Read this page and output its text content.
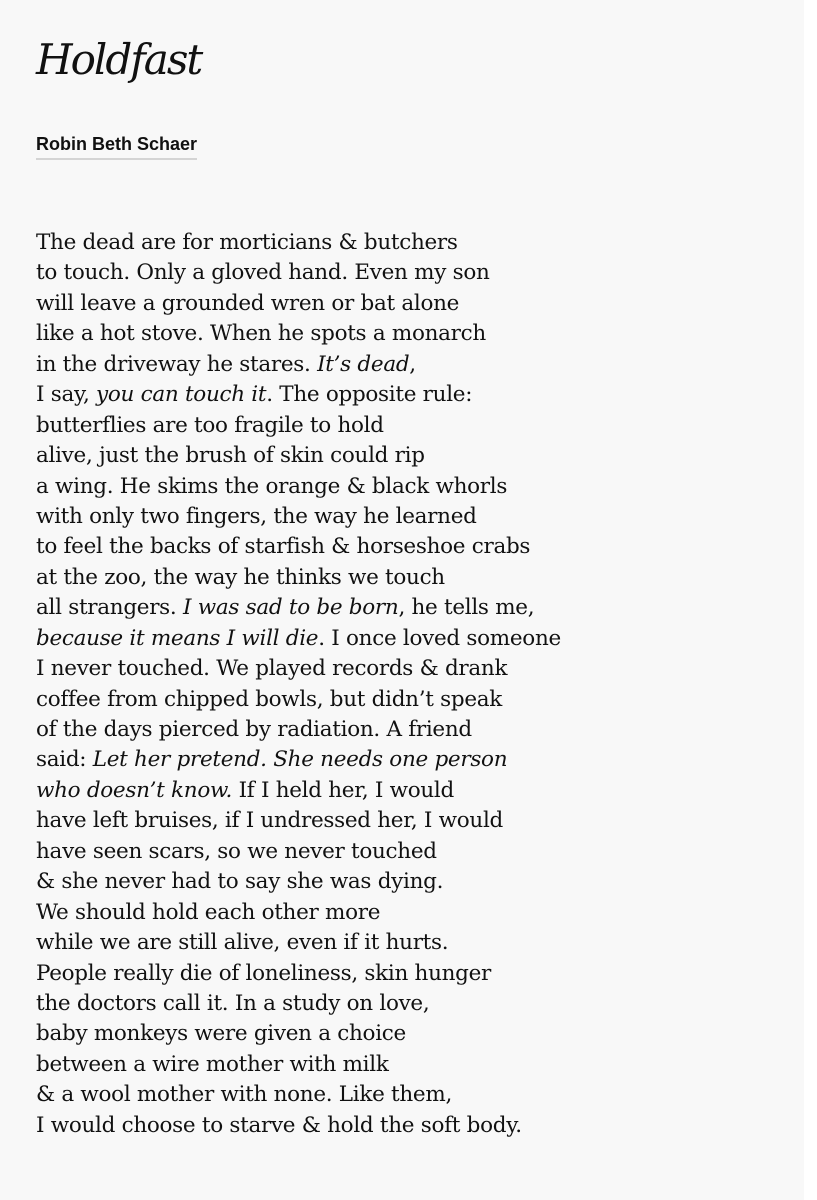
Holdfast
Robin Beth Schaer
The dead are for morticians & butchers
to touch. Only a gloved hand. Even my son
will leave a grounded wren or bat alone
like a hot stove. When he spots a monarch
in the driveway he stares. It’s dead,
I say, you can touch it. The opposite rule:
butterflies are too fragile to hold
alive, just the brush of skin could rip
a wing. He skims the orange & black whorls
with only two fingers, the way he learned
to feel the backs of starfish & horseshoe crabs
at the zoo, the way he thinks we touch
all strangers. I was sad to be born, he tells me,
because it means I will die. I once loved someone
I never touched. We played records & drank
coffee from chipped bowls, but didn’t speak
of the days pierced by radiation. A friend
said: Let her pretend. She needs one person
who doesn’t know. If I held her, I would
have left bruises, if I undressed her, I would
have seen scars, so we never touched
& she never had to say she was dying.
We should hold each other more
while we are still alive, even if it hurts.
People really die of loneliness, skin hunger
the doctors call it. In a study on love,
baby monkeys were given a choice
between a wire mother with milk
& a wool mother with none. Like them,
I would choose to starve & hold the soft body.
